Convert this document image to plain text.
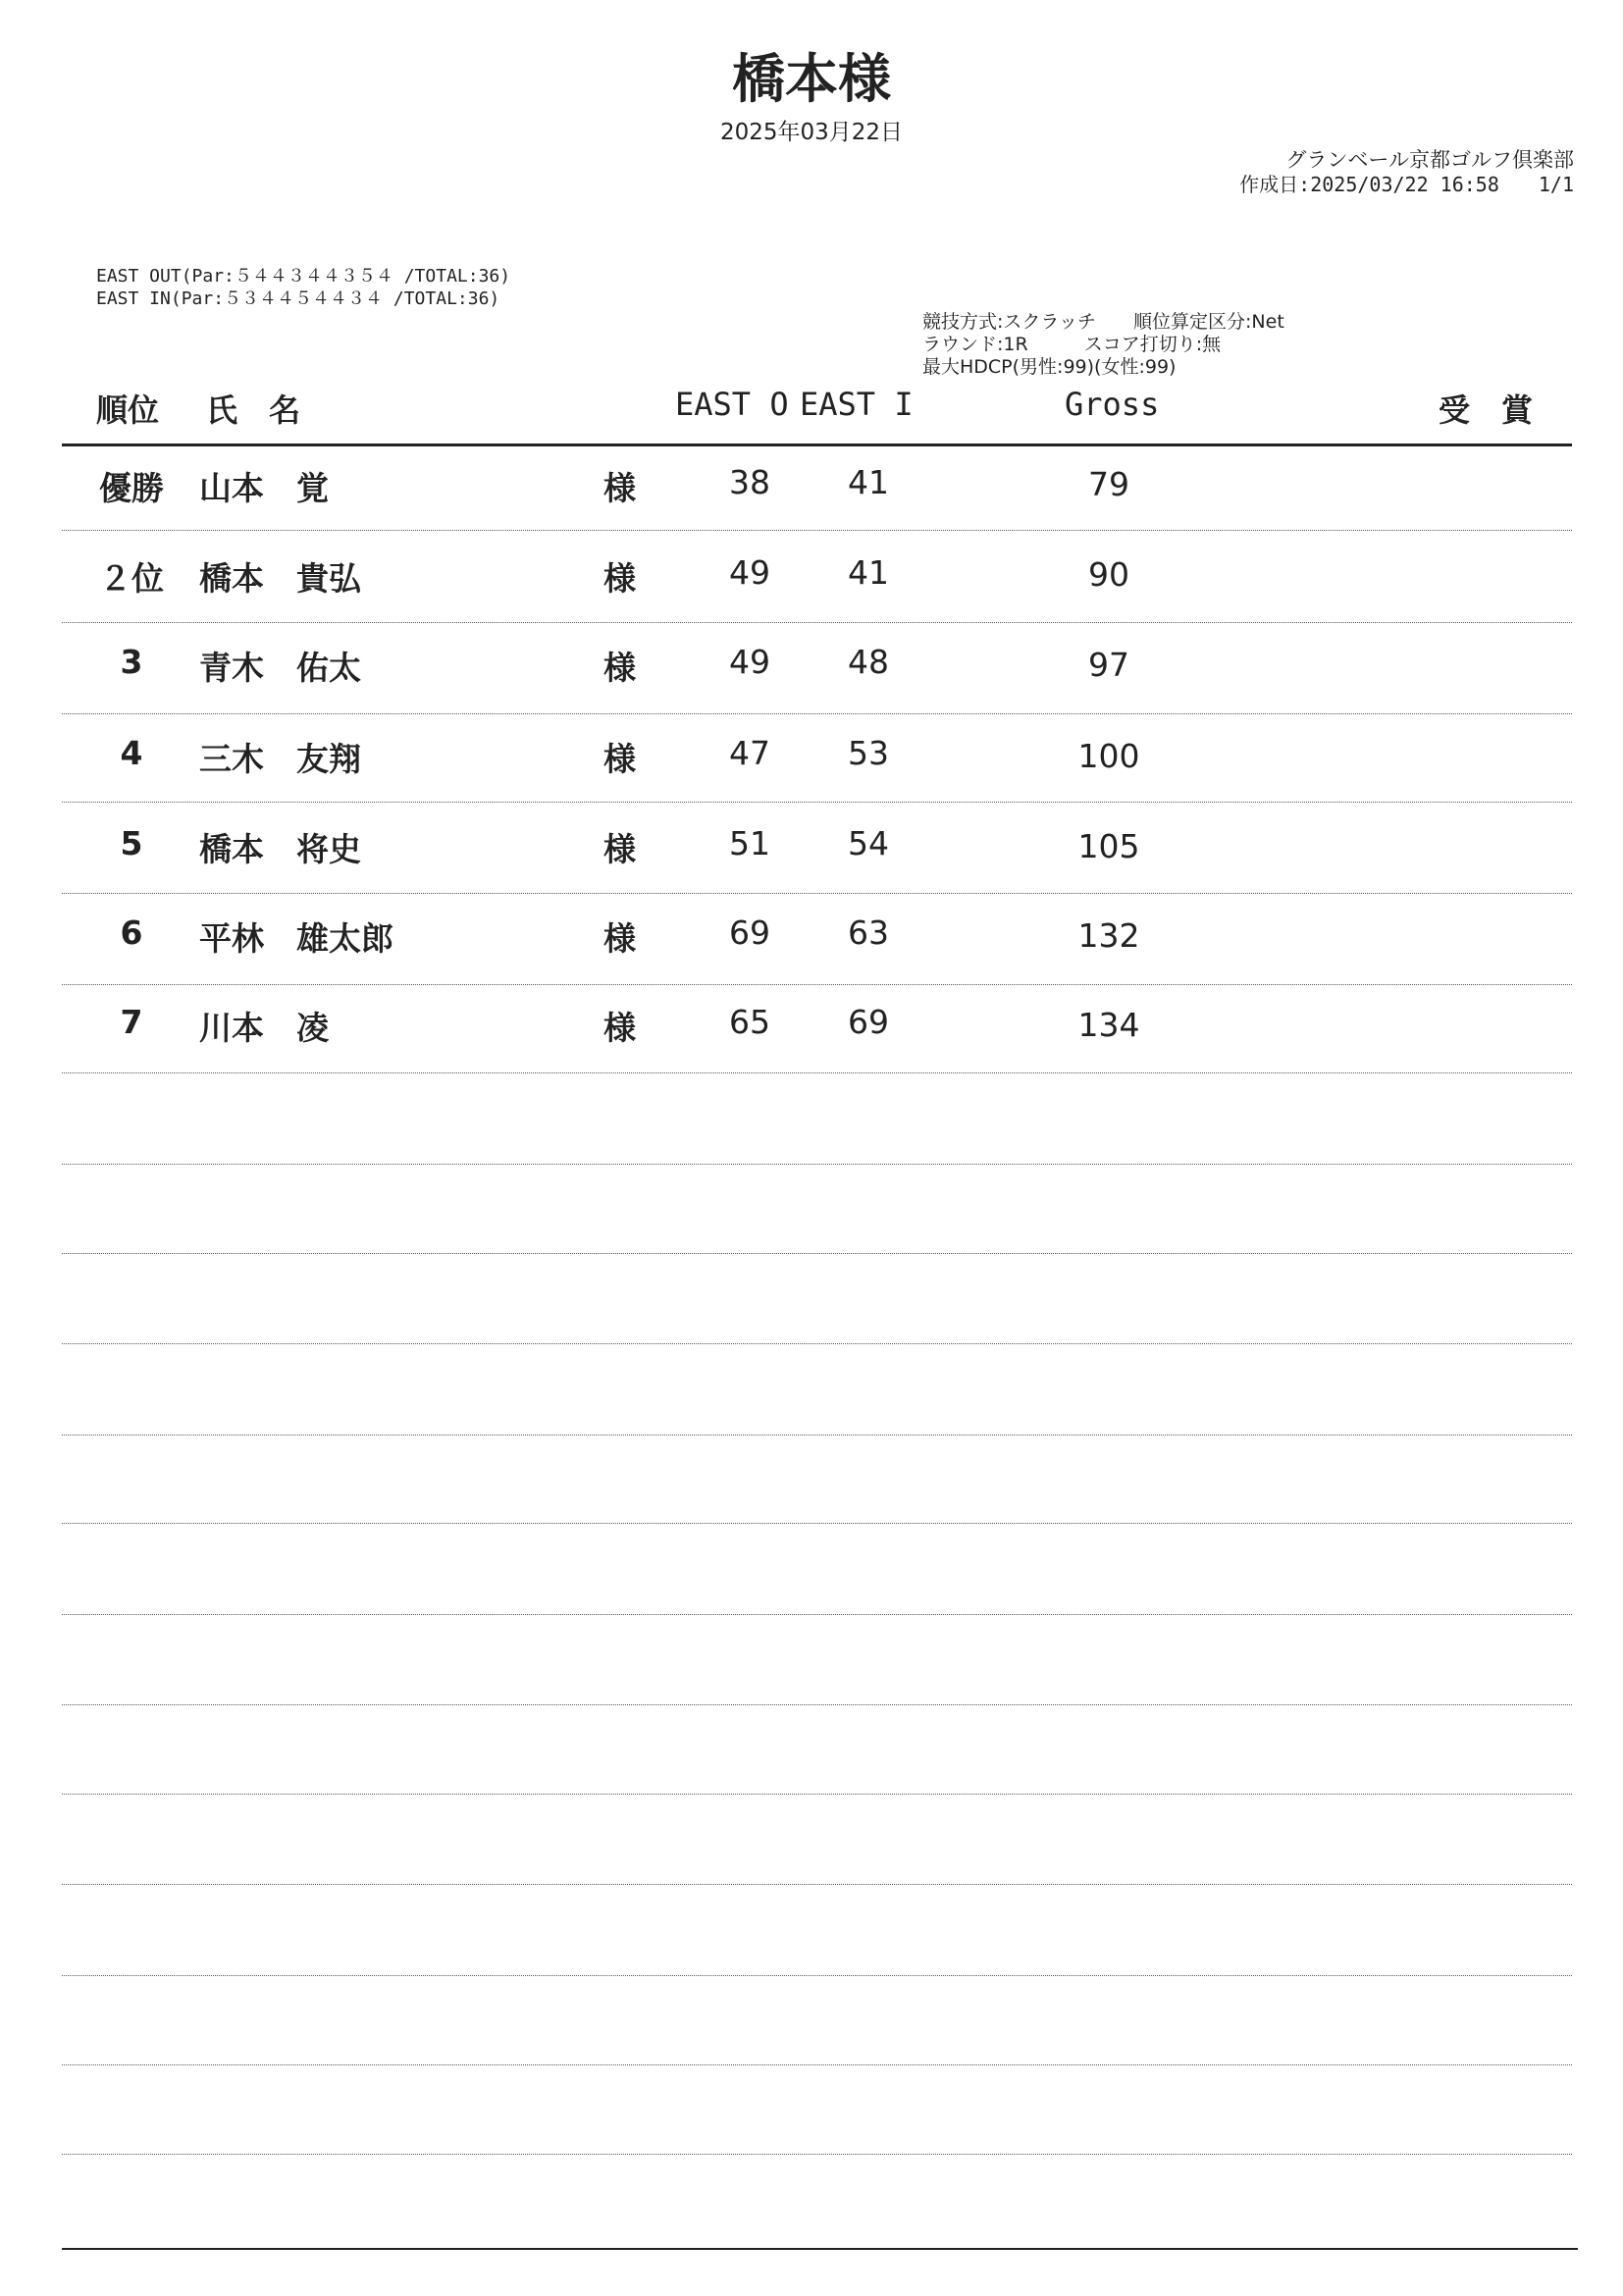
橋本様
2025年03月22日
グランベール京都ゴルフ倶楽部
作成日:2025/03/22 16:58 1/1
EAST OUT(Par:５４４３４４３５４ /TOTAL:36)
EAST IN(Par:５３４４５４４３４ /TOTAL:36)
競技方式:スクラッチ　　順位算定区分:Net
ラウンド:1R　　　スコア打切り:無
最大HDCP(男性:99)(女性:99)
順位 氏　名	EAST O EAST I	Gross	受　賞
優勝 山本　覚	様	38 41	79
２位 橋本　貴弘	様	49 41	90
3	青木　佑太	様	49 48	97
4	三木　友翔	様	47 53	100
5	橋本　将史	様	51 54	105
6	平林　雄太郎	様	69 63	132
7	川本　凌	様	65 69	134
